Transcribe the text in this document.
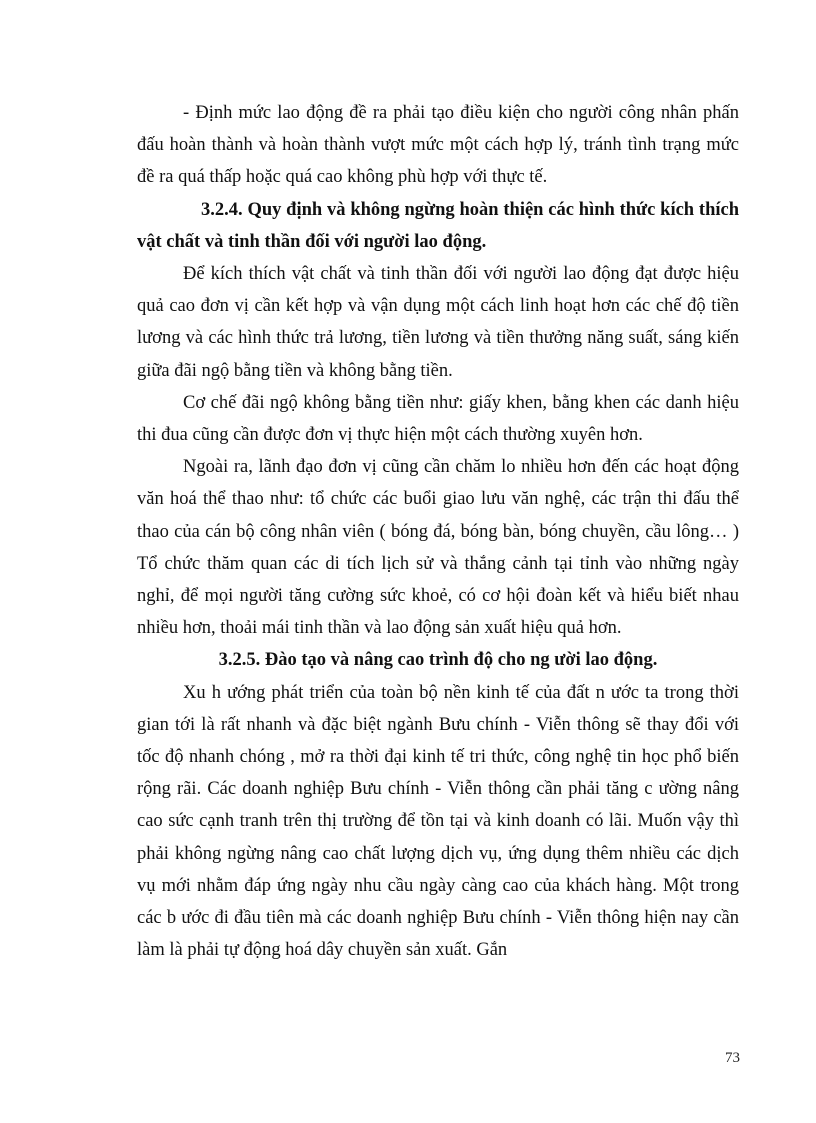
- Định mức lao động đề ra phải tạo điều kiện cho người công nhân phấn đấu hoàn thành và hoàn thành vượt mức một cách hợp lý, tránh tình trạng mức đề ra quá thấp hoặc quá cao không phù hợp với thực tế.

3.2.4. Quy định và không ngừng hoàn thiện các hình thức kích thích vật chất và tinh thần đối với người lao động.

Để kích thích vật chất và tinh thần đối với người lao động đạt được hiệu quả cao đơn vị cần kết hợp và vận dụng một cách linh hoạt hơn các chế độ tiền lương và các hình thức trả lương, tiền lương và tiền thưởng năng suất, sáng kiến giữa đãi ngộ bằng tiền và không bằng tiền.

Cơ chế đãi ngộ không bằng tiền như: giấy khen, bằng khen các danh hiệu thi đua cũng cần được đơn vị thực hiện một cách thường xuyên hơn.

Ngoài ra, lãnh đạo đơn vị cũng cần chăm lo nhiều hơn đến các hoạt động văn hoá thể thao như: tổ chức các buổi giao lưu văn nghệ, các trận thi đấu thể thao của cán bộ công nhân viên ( bóng đá, bóng bàn, bóng chuyền, cầu lông… ) Tổ chức thăm quan các di tích lịch sử và thắng cảnh tại tỉnh vào những ngày nghỉ, để mọi người tăng cường sức khoẻ, có cơ hội đoàn kết và hiểu biết nhau nhiều hơn, thoải mái tinh thần và lao động sản xuất hiệu quả hơn.

3.2.5. Đào tạo và nâng cao trình độ cho ng ười lao động.

Xu h ướng phát triển của toàn bộ nền kinh tế của đất n ước ta trong thời gian tới là rất nhanh và đặc biệt ngành Bưu chính - Viễn thông sẽ thay đổi với tốc độ nhanh chóng , mở ra thời đại kinh tế tri thức, công nghệ tin học phổ biến rộng rãi. Các doanh nghiệp Bưu chính - Viễn thông cần phải tăng c ường nâng cao sức cạnh tranh trên thị trường để tồn tại và kinh doanh có lãi. Muốn vậy thì phải không ngừng nâng cao chất lượng dịch vụ, ứng dụng thêm nhiều các dịch vụ mới nhằm đáp ứng ngày nhu cầu ngày càng cao của khách hàng. Một trong các b ước đi đầu tiên mà các doanh nghiệp Bưu chính - Viễn thông hiện nay cần làm là phải tự động hoá dây chuyền sản xuất. Gắn

73
